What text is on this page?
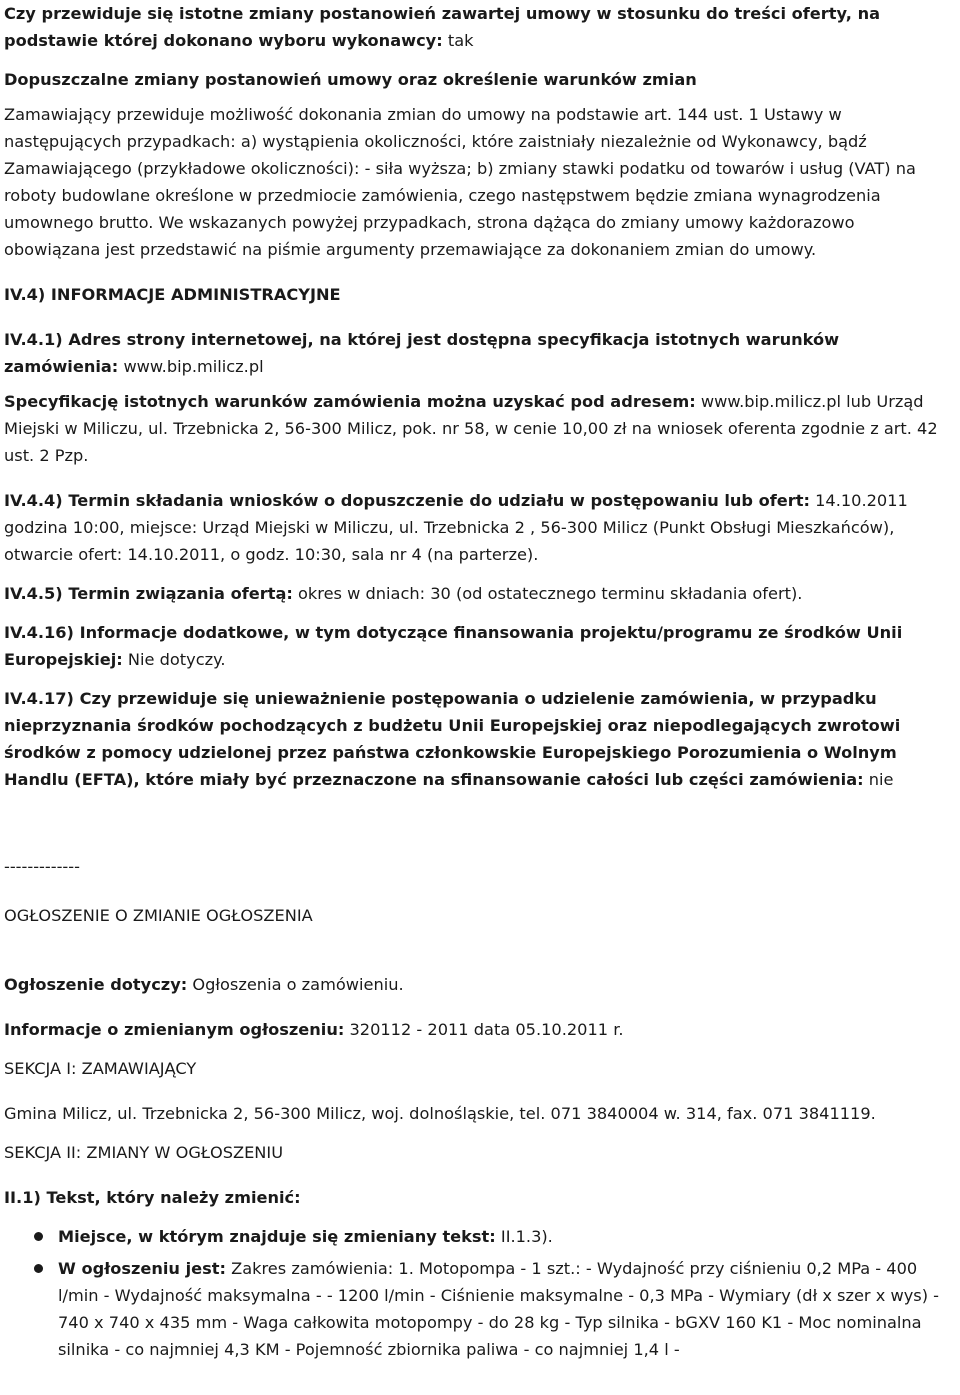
Czy przewiduje się istotne zmiany postanowień zawartej umowy w stosunku do treści oferty, na podstawie której dokonano wyboru wykonawcy: tak

Dopuszczalne zmiany postanowień umowy oraz określenie warunków zmian

Zamawiający przewiduje możliwość dokonania zmian do umowy na podstawie art. 144 ust. 1 Ustawy w następujących przypadkach: a) wystąpienia okoliczności, które zaistniały niezależnie od Wykonawcy, bądź Zamawiającego (przykładowe okoliczności): - siła wyższa; b) zmiany stawki podatku od towarów i usług (VAT) na roboty budowlane określone w przedmiocie zamówienia, czego następstwem będzie zmiana wynagrodzenia umownego brutto. We wskazanych powyżej przypadkach, strona dążąca do zmiany umowy każdorazowo obowiązana jest przedstawić na piśmie argumenty przemawiające za dokonaniem zmian do umowy.

IV.4) INFORMACJE ADMINISTRACYJNE

IV.4.1) Adres strony internetowej, na której jest dostępna specyfikacja istotnych warunków zamówienia: www.bip.milicz.pl

Specyfikację istotnych warunków zamówienia można uzyskać pod adresem: www.bip.milicz.pl lub Urząd Miejski w Miliczu, ul. Trzebnicka 2, 56-300 Milicz, pok. nr 58, w cenie 10,00 zł na wniosek oferenta zgodnie z art. 42 ust. 2 Pzp.

IV.4.4) Termin składania wniosków o dopuszczenie do udziału w postępowaniu lub ofert: 14.10.2011 godzina 10:00, miejsce: Urząd Miejski w Miliczu, ul. Trzebnicka 2 , 56-300 Milicz (Punkt Obsługi Mieszkańców), otwarcie ofert: 14.10.2011, o godz. 10:30, sala nr 4 (na parterze).

IV.4.5) Termin związania ofertą: okres w dniach: 30 (od ostatecznego terminu składania ofert).

IV.4.16) Informacje dodatkowe, w tym dotyczące finansowania projektu/programu ze środków Unii Europejskiej: Nie dotyczy.

IV.4.17) Czy przewiduje się unieważnienie postępowania o udzielenie zamówienia, w przypadku nieprzyznania środków pochodzących z budżetu Unii Europejskiej oraz niepodlegających zwrotowi środków z pomocy udzielonej przez państwa członkowskie Europejskiego Porozumienia o Wolnym Handlu (EFTA), które miały być przeznaczone na sfinansowanie całości lub części zamówienia: nie

-------------

OGŁOSZENIE O ZMIANIE OGŁOSZENIA

Ogłoszenie dotyczy: Ogłoszenia o zamówieniu.

Informacje o zmienianym ogłoszeniu: 320112 - 2011 data 05.10.2011 r.

SEKCJA I: ZAMAWIAJĄCY

Gmina Milicz, ul. Trzebnicka 2, 56-300 Milicz, woj. dolnośląskie, tel. 071 3840004 w. 314, fax. 071 3841119.

SEKCJA II: ZMIANY W OGŁOSZENIU

II.1) Tekst, który należy zmienić:

Miejsce, w którym znajduje się zmieniany tekst: II.1.3).
W ogłoszeniu jest: Zakres zamówienia: 1. Motopompa - 1 szt.: - Wydajność przy ciśnieniu 0,2 MPa - 400 l/min - Wydajność maksymalna - - 1200 l/min - Ciśnienie maksymalne - 0,3 MPa - Wymiary (dł x szer x wys) - 740 x 740 x 435 mm - Waga całkowita motopompy - do 28 kg - Typ silnika - bGXV 160 K1 - Moc nominalna silnika - co najmniej 4,3 KM - Pojemność zbiornika paliwa - co najmniej 1,4 l -
